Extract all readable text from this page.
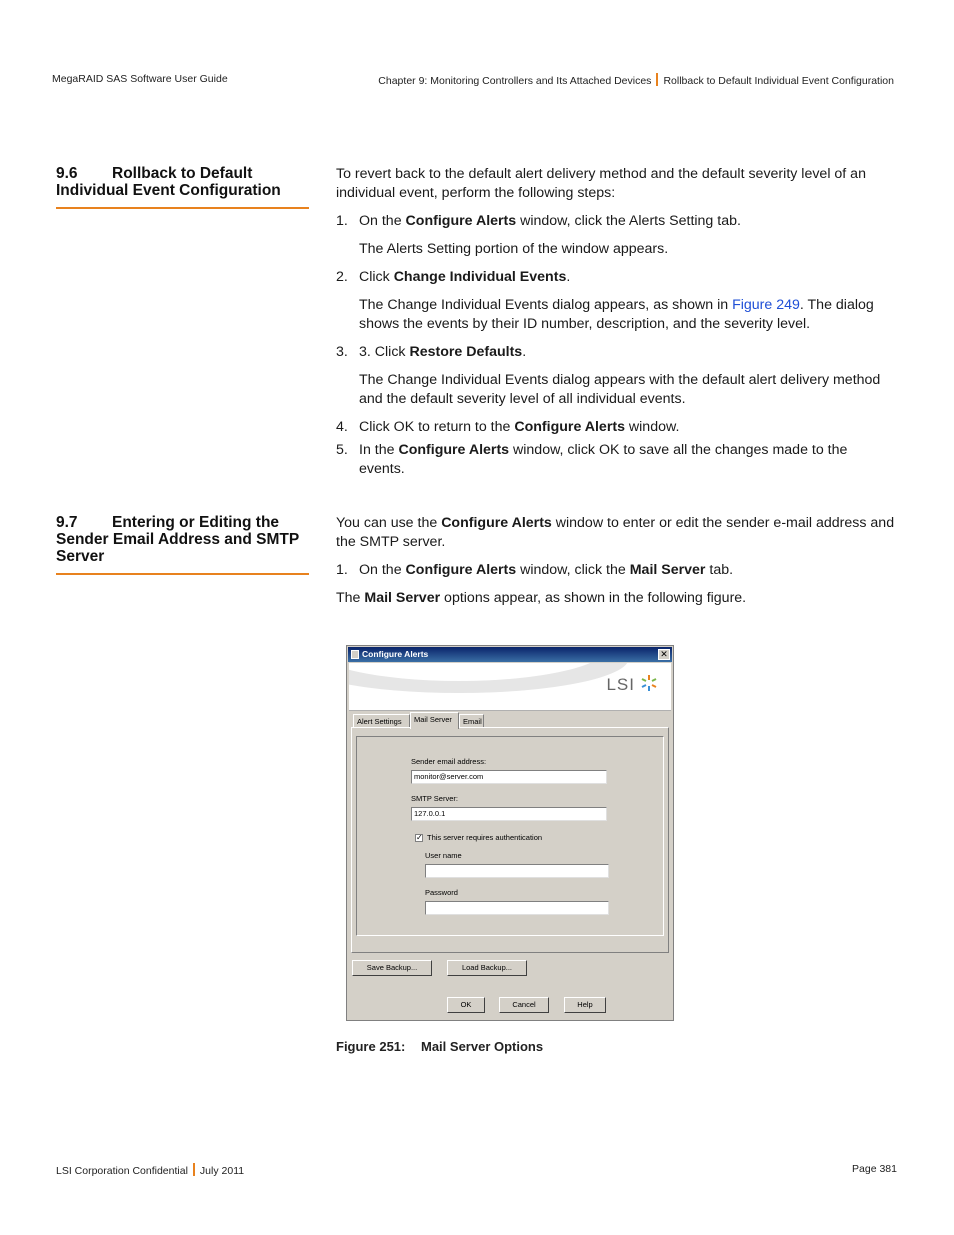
MegaRAID SAS Software User Guide	Chapter 9: Monitoring Controllers and Its Attached Devices Rollback to Default Individual Event Configuration
9.6 Rollback to Default Individual Event Configuration

To revert back to the default alert delivery method and the default severity level of an individual event, perform the following steps:

1. On the Configure Alerts window, click the Alerts Setting tab.

The Alerts Setting portion of the window appears.

2. Click Change Individual Events.

The Change Individual Events dialog appears, as shown in Figure 249. The dialog shows the events by their ID number, description, and the severity level.

3. 3. Click Restore Defaults.

The Change Individual Events dialog appears with the default alert delivery method and the default severity level of all individual events.

4. Click OK to return to the Configure Alerts window.

5. In the Configure Alerts window, click OK to save all the changes made to the events.

9.7 Entering or Editing the Sender Email Address and SMTP Server

You can use the Configure Alerts window to enter or edit the sender e-mail address and the SMTP server.

1. On the Configure Alerts window, click the Mail Server tab.

The Mail Server options appear, as shown in the following figure.

Configure Alerts	✕
LSI
Alert Settings	Mail Server	Email
Sender email address:
monitor@server.com
SMTP Server:
127.0.0.1
✓ This server requires authentication
User name
Password
Save Backup...	Load Backup...
OK	Cancel	Help
Figure 251: Mail Server Options
LSI Corporation Confidential July 2011	Page 381
